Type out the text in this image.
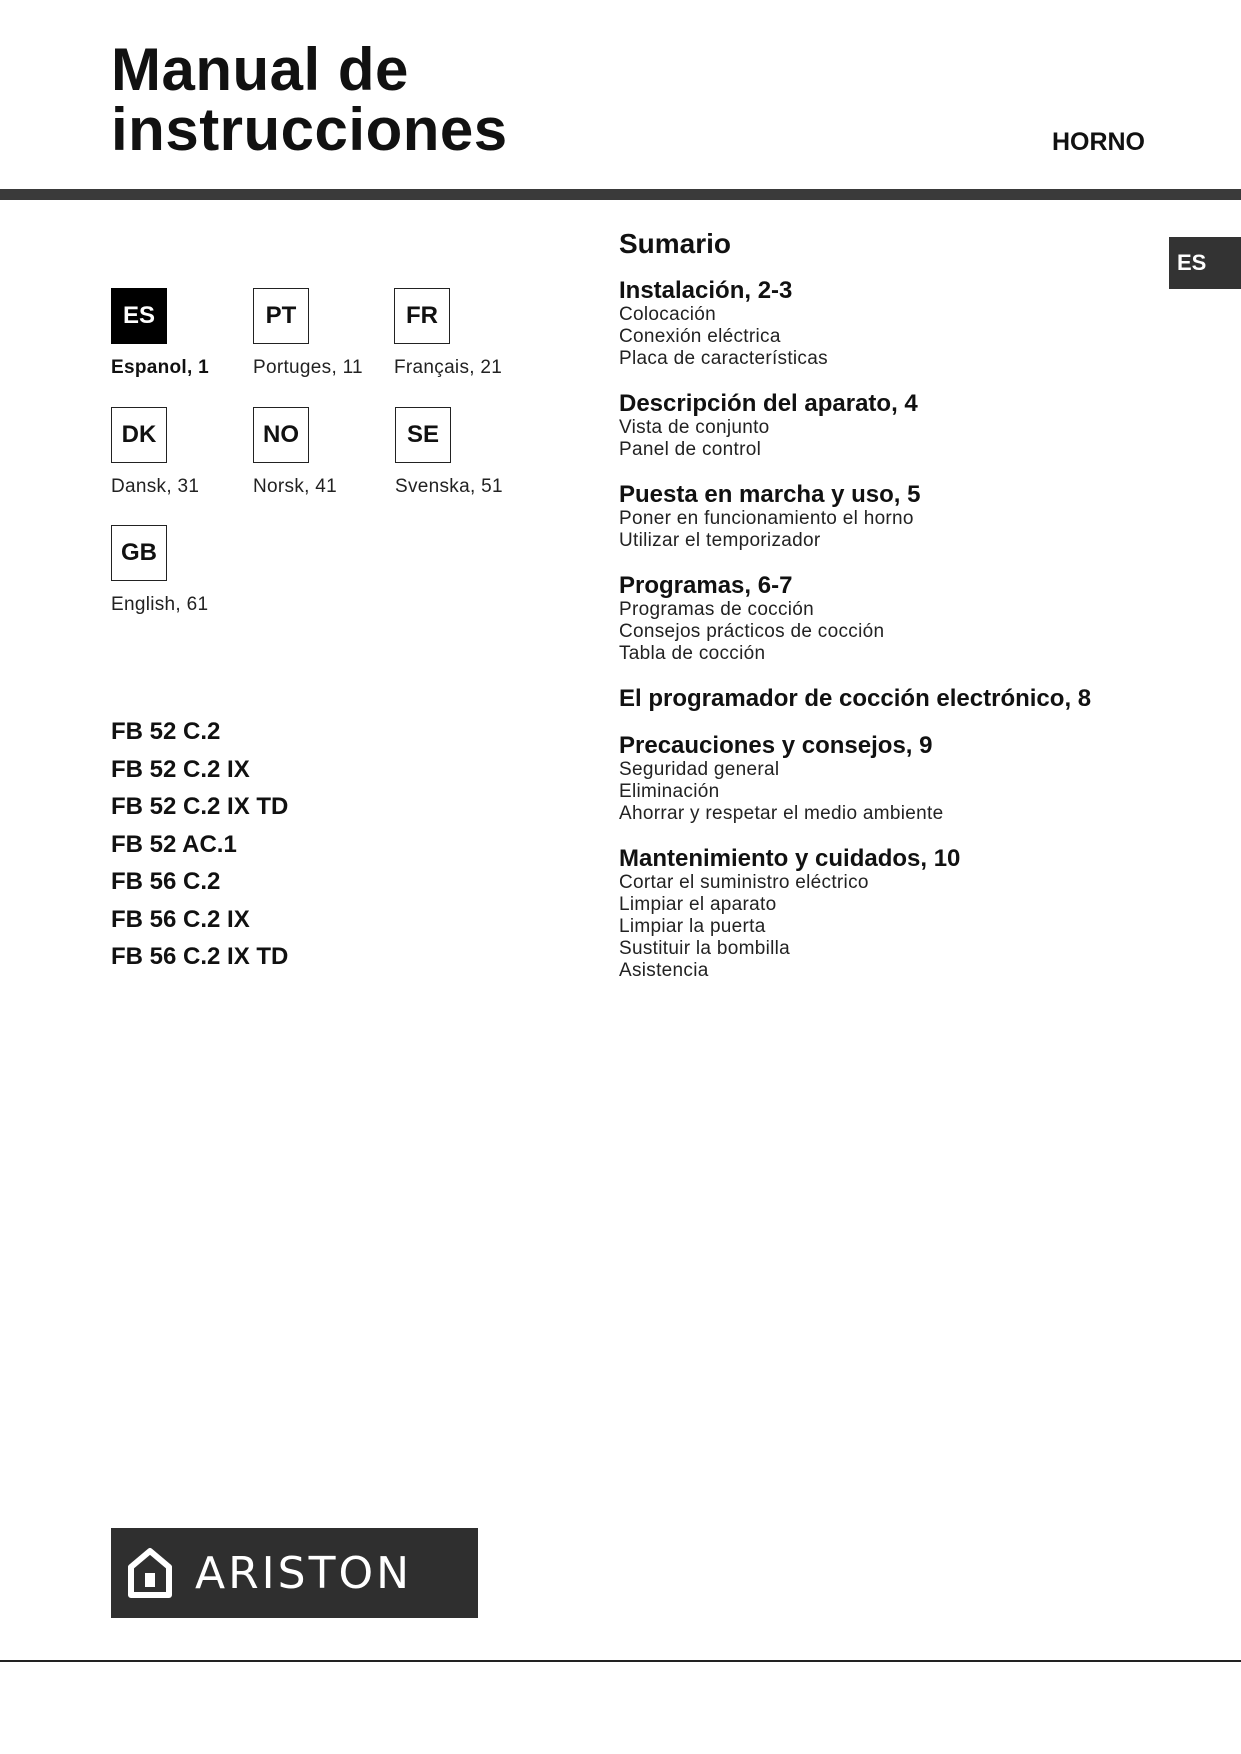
Manual de
instrucciones	HORNO
ES
ES
Espanol, 1
PT
Portuges, 11
FR
Français, 21
DK
Dansk, 31
NO
Norsk, 41
SE
Svenska, 51
GB
English, 61
FB 52 C.2
FB 52 C.2 IX
FB 52 C.2 IX TD
FB 52 AC.1
FB 56 C.2
FB 56 C.2 IX
FB 56 C.2 IX TD
Sumario
Instalación, 2-3
Colocación
Conexión eléctrica
Placa de características
Descripción del aparato, 4
Vista de conjunto
Panel de control
Puesta en marcha y uso, 5
Poner en funcionamiento el horno
Utilizar el temporizador
Programas, 6-7
Programas de cocción
Consejos prácticos de cocción
Tabla de cocción
El programador de cocción electrónico, 8
Precauciones y consejos, 9
Seguridad general
Eliminación
Ahorrar y respetar el medio ambiente
Mantenimiento y cuidados, 10
Cortar el suministro eléctrico
Limpiar el aparato
Limpiar la puerta
Sustituir la bombilla
Asistencia
ARISTON
